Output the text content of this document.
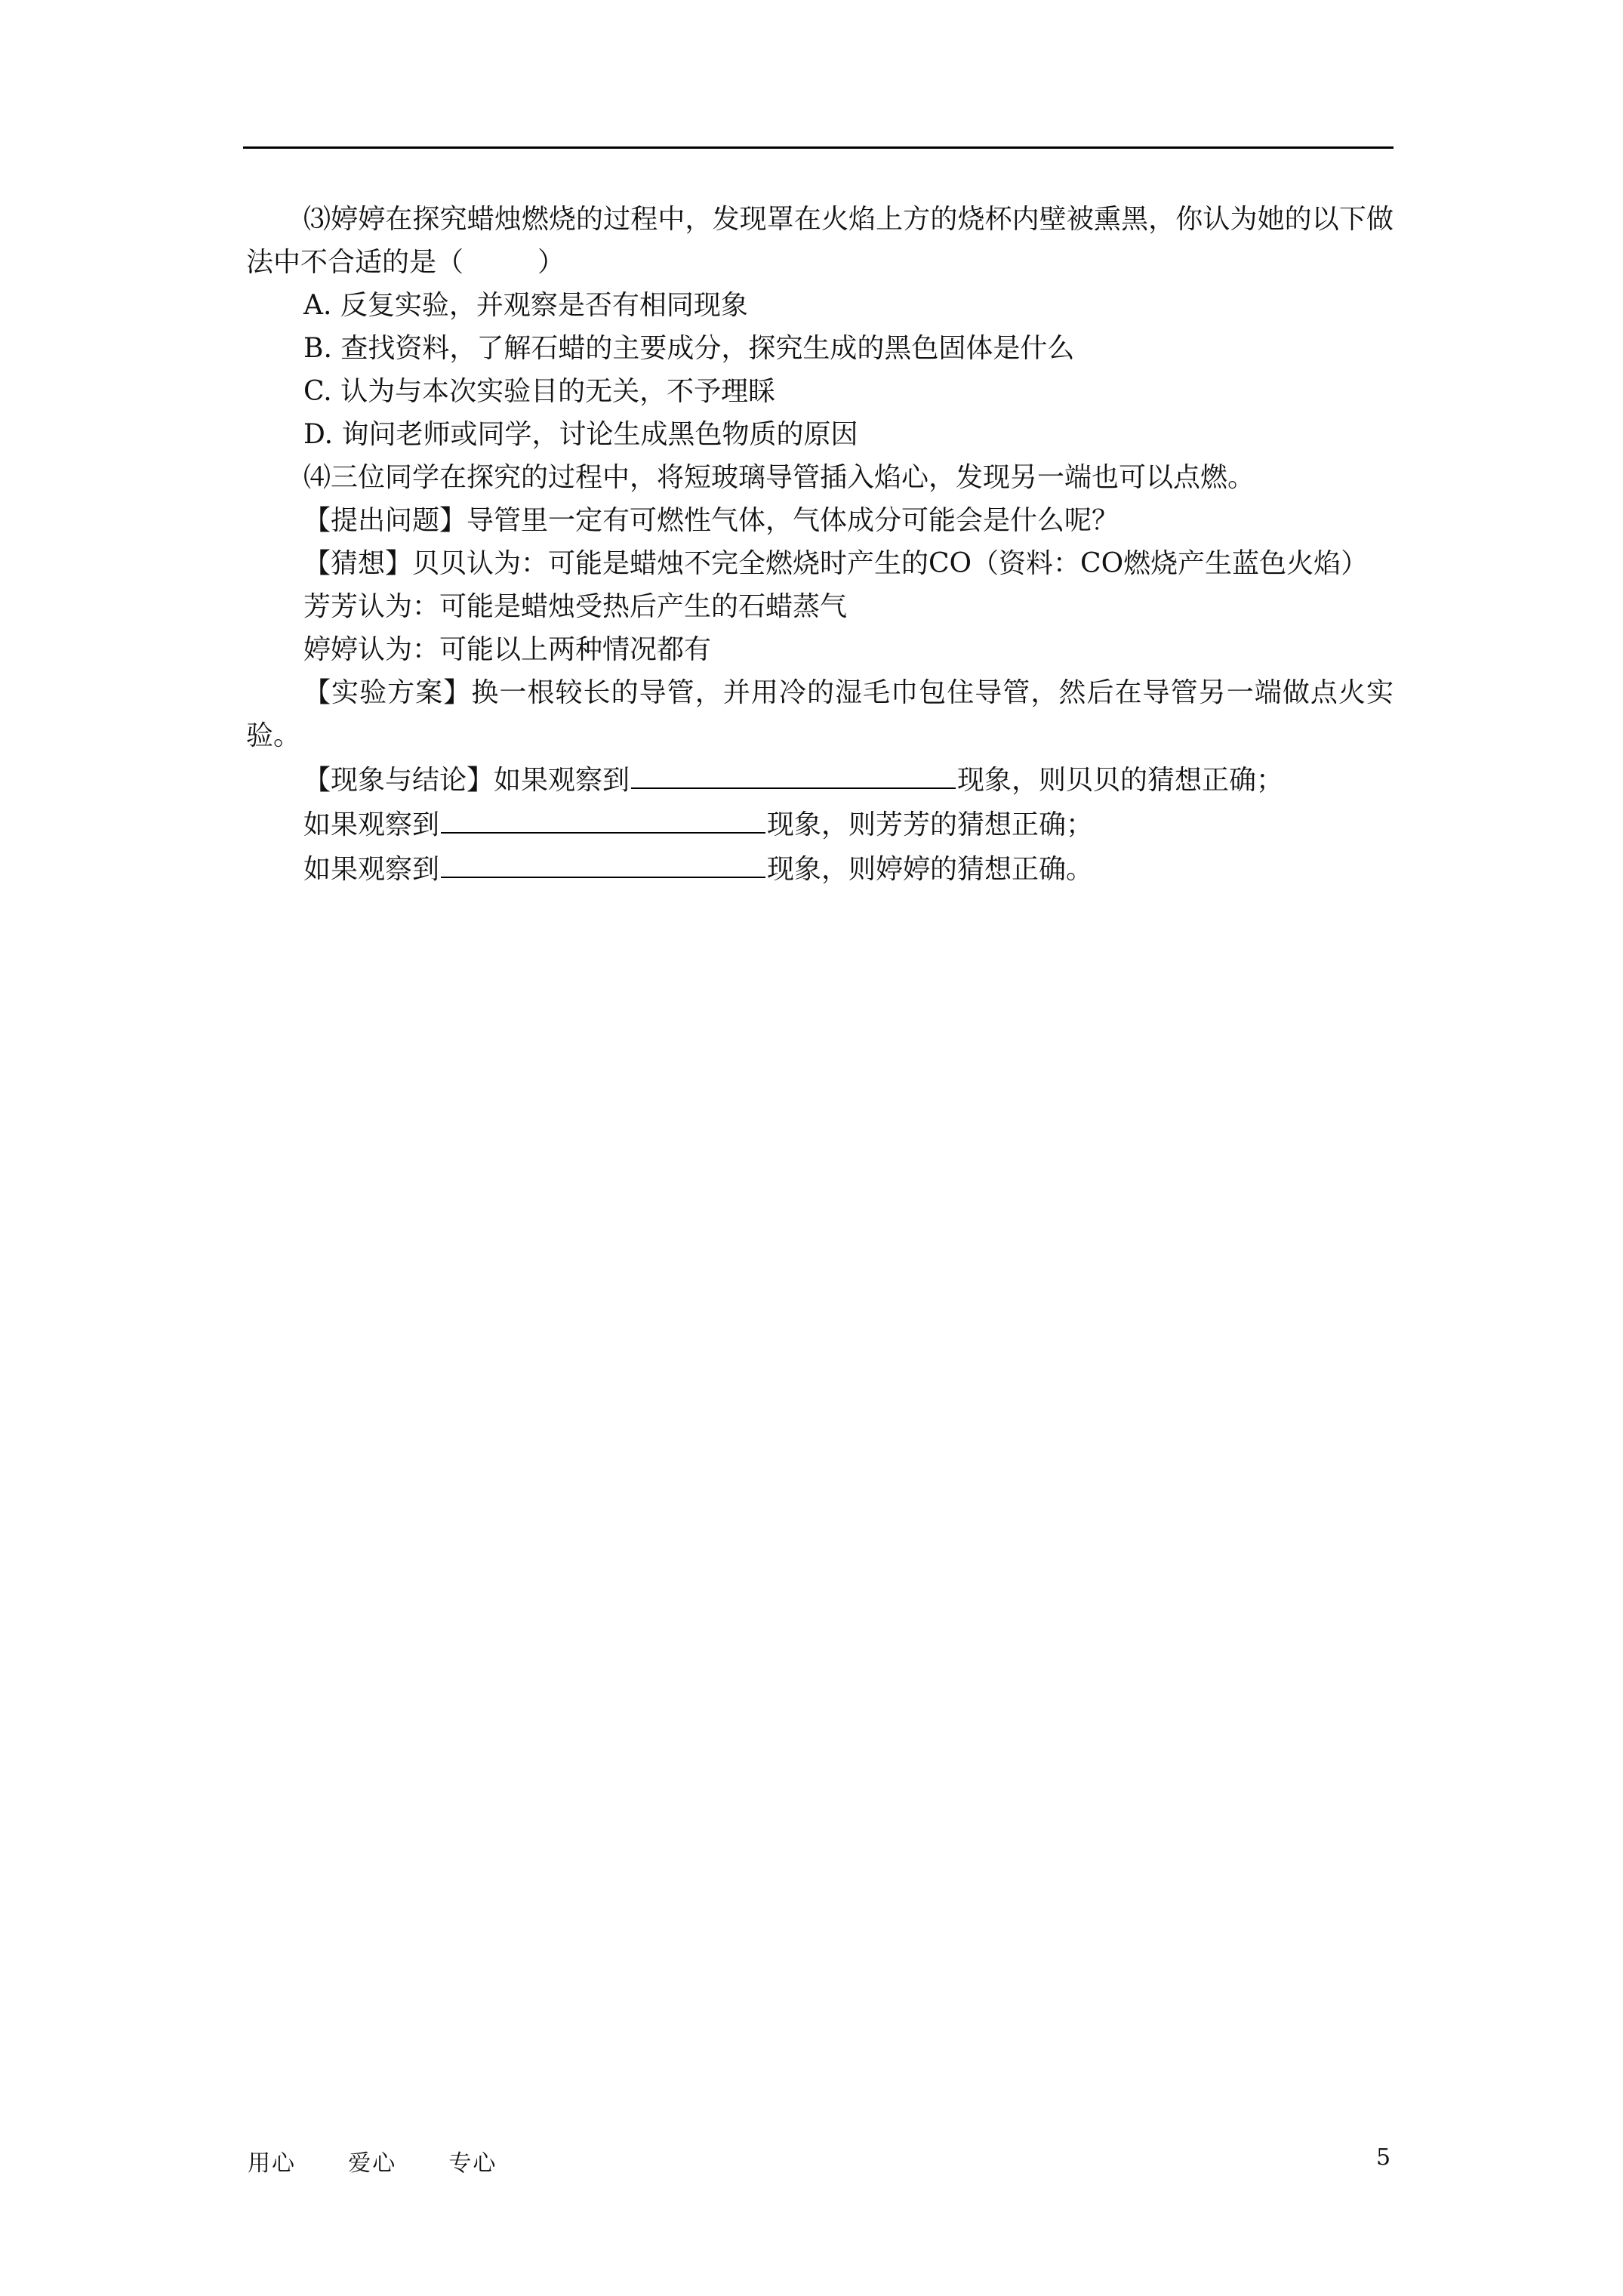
⑶婷婷在探究蜡烛燃烧的过程中，发现罩在火焰上方的烧杯内壁被熏黑，你认为她的以下做法中不合适的是（	）

A. 反复实验，并观察是否有相同现象

B. 查找资料，了解石蜡的主要成分，探究生成的黑色固体是什么

C. 认为与本次实验目的无关，不予理睬

D. 询问老师或同学，讨论生成黑色物质的原因

⑷三位同学在探究的过程中，将短玻璃导管插入焰心，发现另一端也可以点燃。

【提出问题】导管里一定有可燃性气体，气体成分可能会是什么呢？

【猜想】贝贝认为：可能是蜡烛不完全燃烧时产生的CO（资料：CO燃烧产生蓝色火焰）

芳芳认为：可能是蜡烛受热后产生的石蜡蒸气

婷婷认为：可能以上两种情况都有

【实验方案】换一根较长的导管，并用冷的湿毛巾包住导管，然后在导管另一端做点火实验。

【现象与结论】如果观察到	现象，则贝贝的猜想正确；

如果观察到	现象，则芳芳的猜想正确；

如果观察到	现象，则婷婷的猜想正确。

用心      爱心      专心	5
